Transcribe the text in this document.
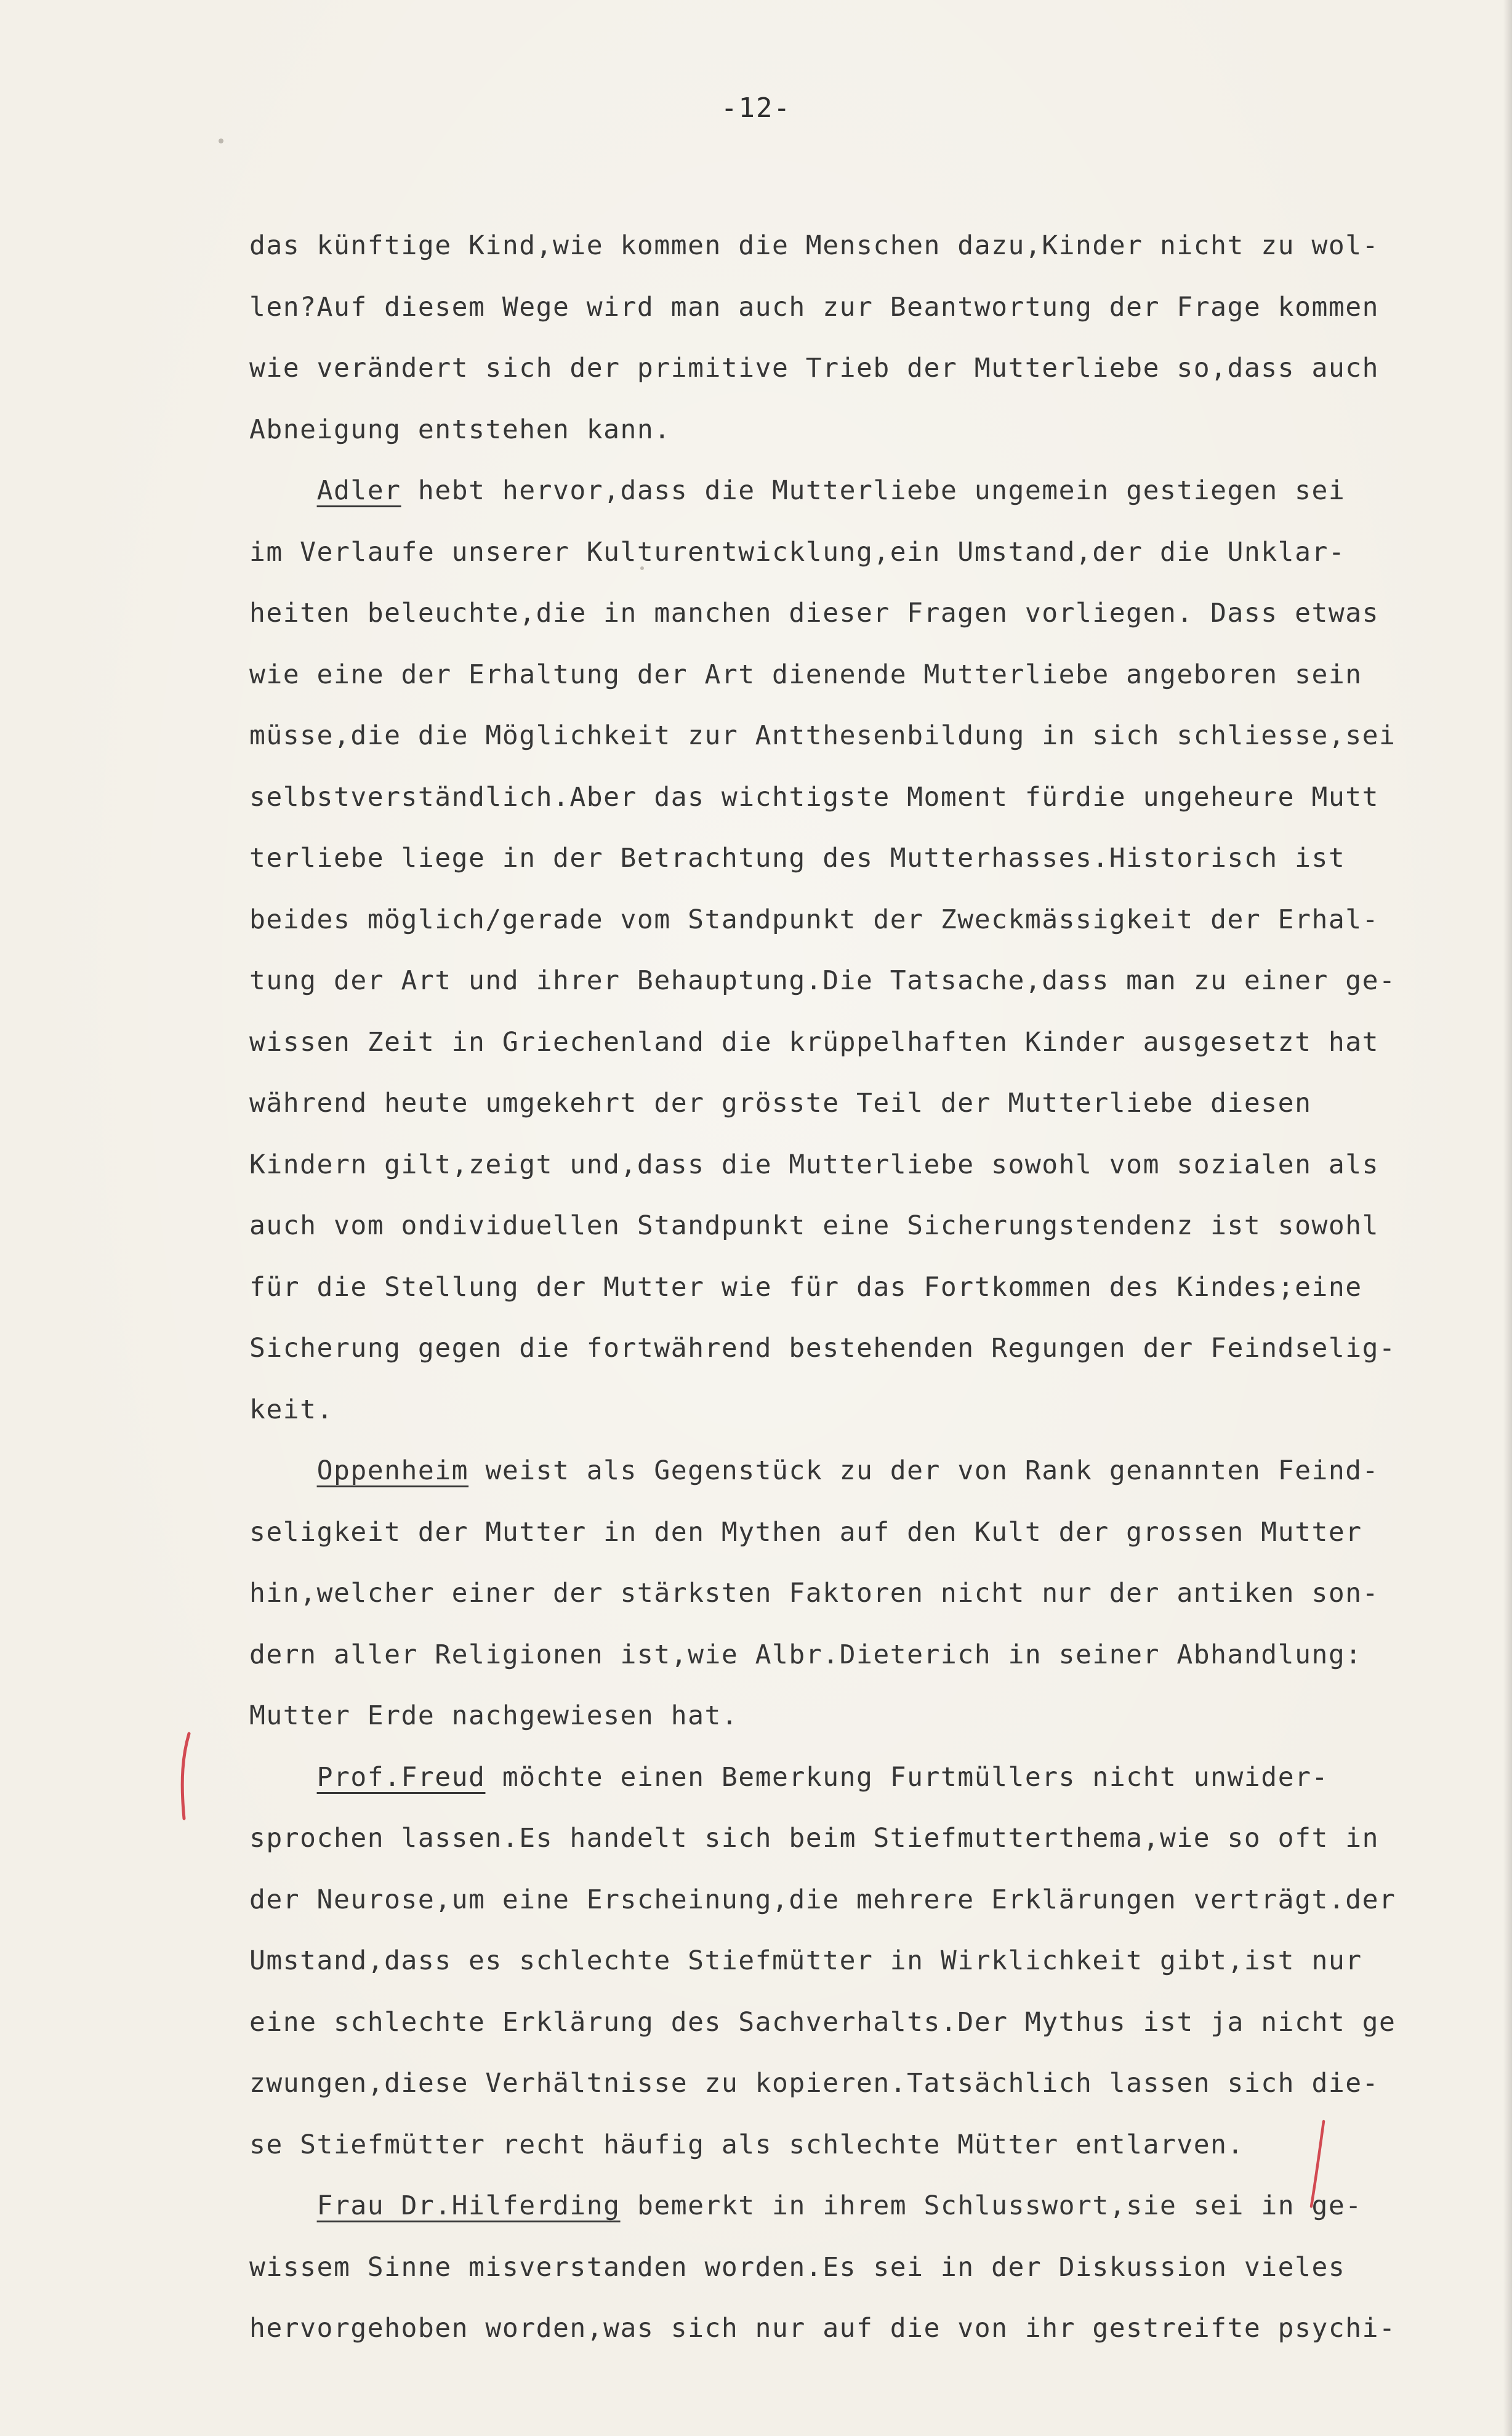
-12-
das künftige Kind,wie kommen die Menschen dazu,Kinder nicht zu wol-
len?Auf diesem Wege wird man auch zur Beantwortung der Frage kommen
wie verändert sich der primitive Trieb der Mutterliebe so,dass auch
Abneigung entstehen kann.
Adler hebt hervor,dass die Mutterliebe ungemein gestiegen sei
im Verlaufe unserer Kulturentwicklung,ein Umstand,der die Unklar-
heiten beleuchte,die in manchen dieser Fragen vorliegen. Dass etwas
wie eine der Erhaltung der Art dienende Mutterliebe angeboren sein
müsse,die die Möglichkeit zur Antthesenbildung in sich schliesse,sei
selbstverständlich.Aber das wichtigste Moment fürdie ungeheure Mutt
terliebe liege in der Betrachtung des Mutterhasses.Historisch ist
beides möglich/gerade vom Standpunkt der Zweckmässigkeit der Erhal-
tung der Art und ihrer Behauptung.Die Tatsache,dass man zu einer ge-
wissen Zeit in Griechenland die krüppelhaften Kinder ausgesetzt hat
während heute umgekehrt der grösste Teil der Mutterliebe diesen
Kindern gilt,zeigt und,dass die Mutterliebe sowohl vom sozialen als
auch vom ondividuellen Standpunkt eine Sicherungstendenz ist sowohl
für die Stellung der Mutter wie für das Fortkommen des Kindes;eine
Sicherung gegen die fortwährend bestehenden Regungen der Feindselig-
keit.
Oppenheim weist als Gegenstück zu der von Rank genannten Feind-
seligkeit der Mutter in den Mythen auf den Kult der grossen Mutter
hin,welcher einer der stärksten Faktoren nicht nur der antiken son-
dern aller Religionen ist,wie Albr.Dieterich in seiner Abhandlung:
Mutter Erde nachgewiesen hat.
Prof.Freud möchte einen Bemerkung Furtmüllers nicht unwider-
sprochen lassen.Es handelt sich beim Stiefmutterthema,wie so oft in
der Neurose,um eine Erscheinung,die mehrere Erklärungen verträgt.der
Umstand,dass es schlechte Stiefmütter in Wirklichkeit gibt,ist nur
eine schlechte Erklärung des Sachverhalts.Der Mythus ist ja nicht ge
zwungen,diese Verhältnisse zu kopieren.Tatsächlich lassen sich die-
se Stiefmütter recht häufig als schlechte Mütter entlarven.
Frau Dr.Hilferding bemerkt in ihrem Schlusswort,sie sei in ge-
wissem Sinne misverstanden worden.Es sei in der Diskussion vieles
hervorgehoben worden,was sich nur auf die von ihr gestreifte psychi-
